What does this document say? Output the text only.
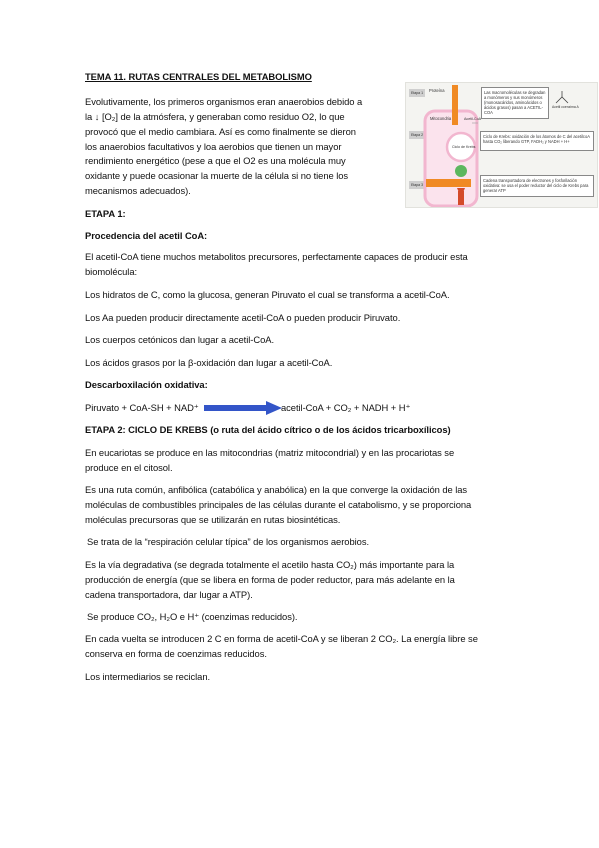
TEMA 11. RUTAS CENTRALES DEL METABOLISMO
Evolutivamente, los primeros organismos eran anaerobios debido a
la ↓ [O₂] de la atmósfera, y generaban como residuo O2, lo que
provocó que el medio cambiara. Así es como finalmente se dieron
los anaerobios facultativos y loa aerobios que tienen un mayor
rendimiento energético (pese a que el O2 es una molécula muy
oxidante y puede ocasionar la muerte de la célula si no tiene los
mecanismos adecuados).
Etapa 1
Etapa 2
Etapa 3
Proteína
Mitocondria
Ciclo de Krebs
Acetil-CoA
Acetil coenzima A
Las macromoléculas se degradan a monómeros y sus monómeros (monosacáridos, aminoácidos o ácidos grasos) pasan a ACETIL-COA
Ciclo de Krebs: oxidación de los átomos de C del acetilcoA hasta CO₂ liberando GTP, FADH₂ y NADH + H+
Cadena transportadora de electrones y fosforilación oxidativa: se usa el poder reductor del ciclo de Krebs para generar ATP
ETAPA 1:
Procedencia del acetil CoA:
El acetil-CoA tiene muchos metabolitos precursores, perfectamente capaces de producir esta
biomolécula:
Los hidratos de C, como la glucosa, generan Piruvato el cual se transforma a acetil-CoA.
Los Aa pueden producir directamente acetil-CoA o pueden producir Piruvato.
Los cuerpos cetónicos dan lugar a acetil-CoA.
Los ácidos grasos por la β-oxidación dan lugar a acetil-CoA.
Descarboxilación oxidativa:
Piruvato + CoA-SH + NAD⁺	acetil-CoA + CO₂ + NADH + H⁺
ETAPA 2: CICLO DE KREBS (o ruta del ácido cítrico o de los ácidos tricarboxílicos)
En eucariotas se produce en las mitocondrias (matriz mitocondrial) y en las procariotas se
produce en el citosol.
Es una ruta común, anfibólica (catabólica y anabólica) en la que converge la oxidación de las
moléculas de combustibles principales de las células durante el catabolismo, y se proporciona
moléculas precursoras que se utilizarán en rutas biosintéticas.
Se trata de la “respiración celular típica” de los organismos aerobios.
Es la vía degradativa (se degrada totalmente el acetilo hasta CO₂) más importante para la
producción de energía (que se libera en forma de poder reductor, para más adelante en la
cadena transportadora, dar lugar a ATP).
Se produce CO₂, H₂O e H⁺ (coenzimas reducidos).
En cada vuelta se introducen 2 C en forma de acetil-CoA y se liberan 2 CO₂. La energía libre se
conserva en forma de coenzimas reducidos.
Los intermediarios se reciclan.
